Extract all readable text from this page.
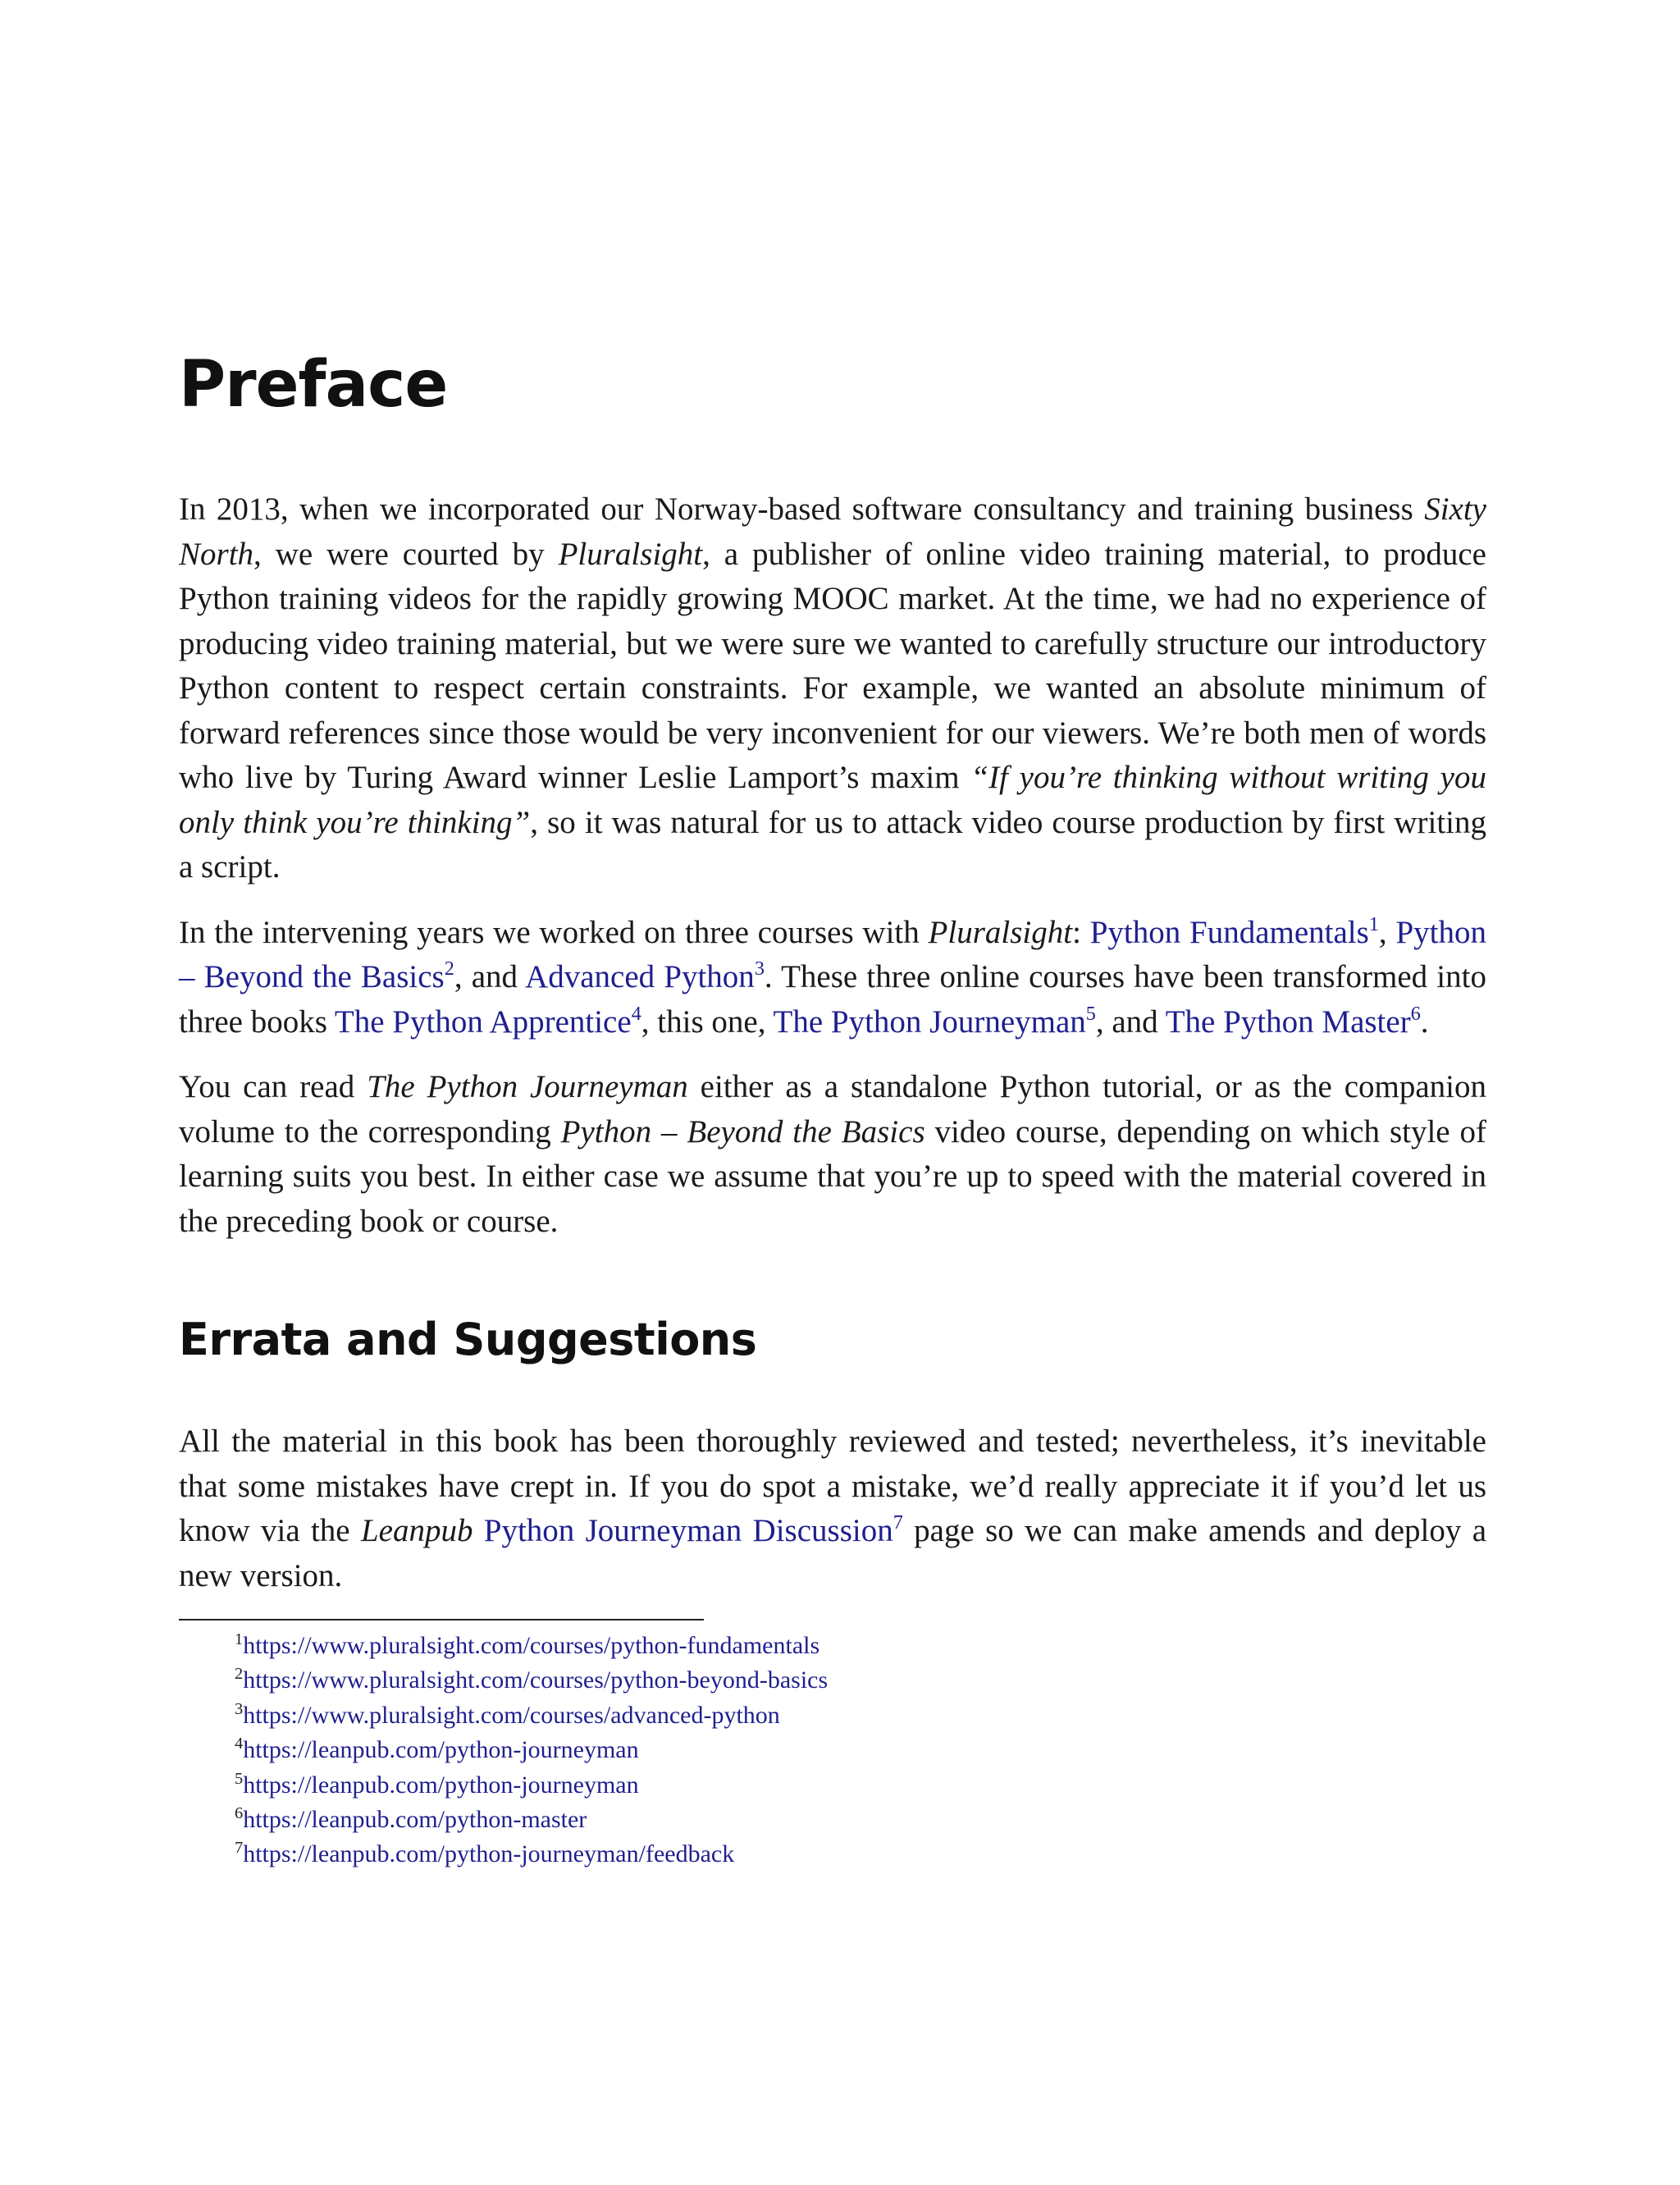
Preface

In 2013, when we incorporated our Norway-based software consultancy and training business Sixty North, we were courted by Pluralsight, a publisher of online video training material, to produce Python training videos for the rapidly growing MOOC market. At the time, we had no experience of producing video training material, but we were sure we wanted to carefully structure our introductory Python content to respect certain constraints. For example, we wanted an absolute minimum of forward references since those would be very inconvenient for our viewers. We’re both men of words who live by Turing Award winner Leslie Lamport’s maxim “If you’re thinking without writing you only think you’re thinking”, so it was natural for us to attack video course production by first writing a script.

In the intervening years we worked on three courses with Pluralsight: Python Fundamentals$^1$, Python – Beyond the Basics$^2$, and Advanced Python$^3$. These three online courses have been transformed into three books The Python Apprentice$^4$, this one, The Python Journeyman$^5$, and The Python Master$^6$.

You can read The Python Journeyman either as a standalone Python tutorial, or as the companion volume to the corresponding Python – Beyond the Basics video course, depending on which style of learning suits you best. In either case we assume that you’re up to speed with the material covered in the preceding book or course.

Errata and Suggestions

All the material in this book has been thoroughly reviewed and tested; nevertheless, it’s inevitable that some mistakes have crept in. If you do spot a mistake, we’d really appreciate it if you’d let us know via the Leanpub Python Journeyman Discussion$^7$ page so we can make amends and deploy a new version.

$^1$https://www.pluralsight.com/courses/python-fundamentals
$^2$https://www.pluralsight.com/courses/python-beyond-basics
$^3$https://www.pluralsight.com/courses/advanced-python
$^4$https://leanpub.com/python-journeyman
$^5$https://leanpub.com/python-journeyman
$^6$https://leanpub.com/python-master
$^7$https://leanpub.com/python-journeyman/feedback
